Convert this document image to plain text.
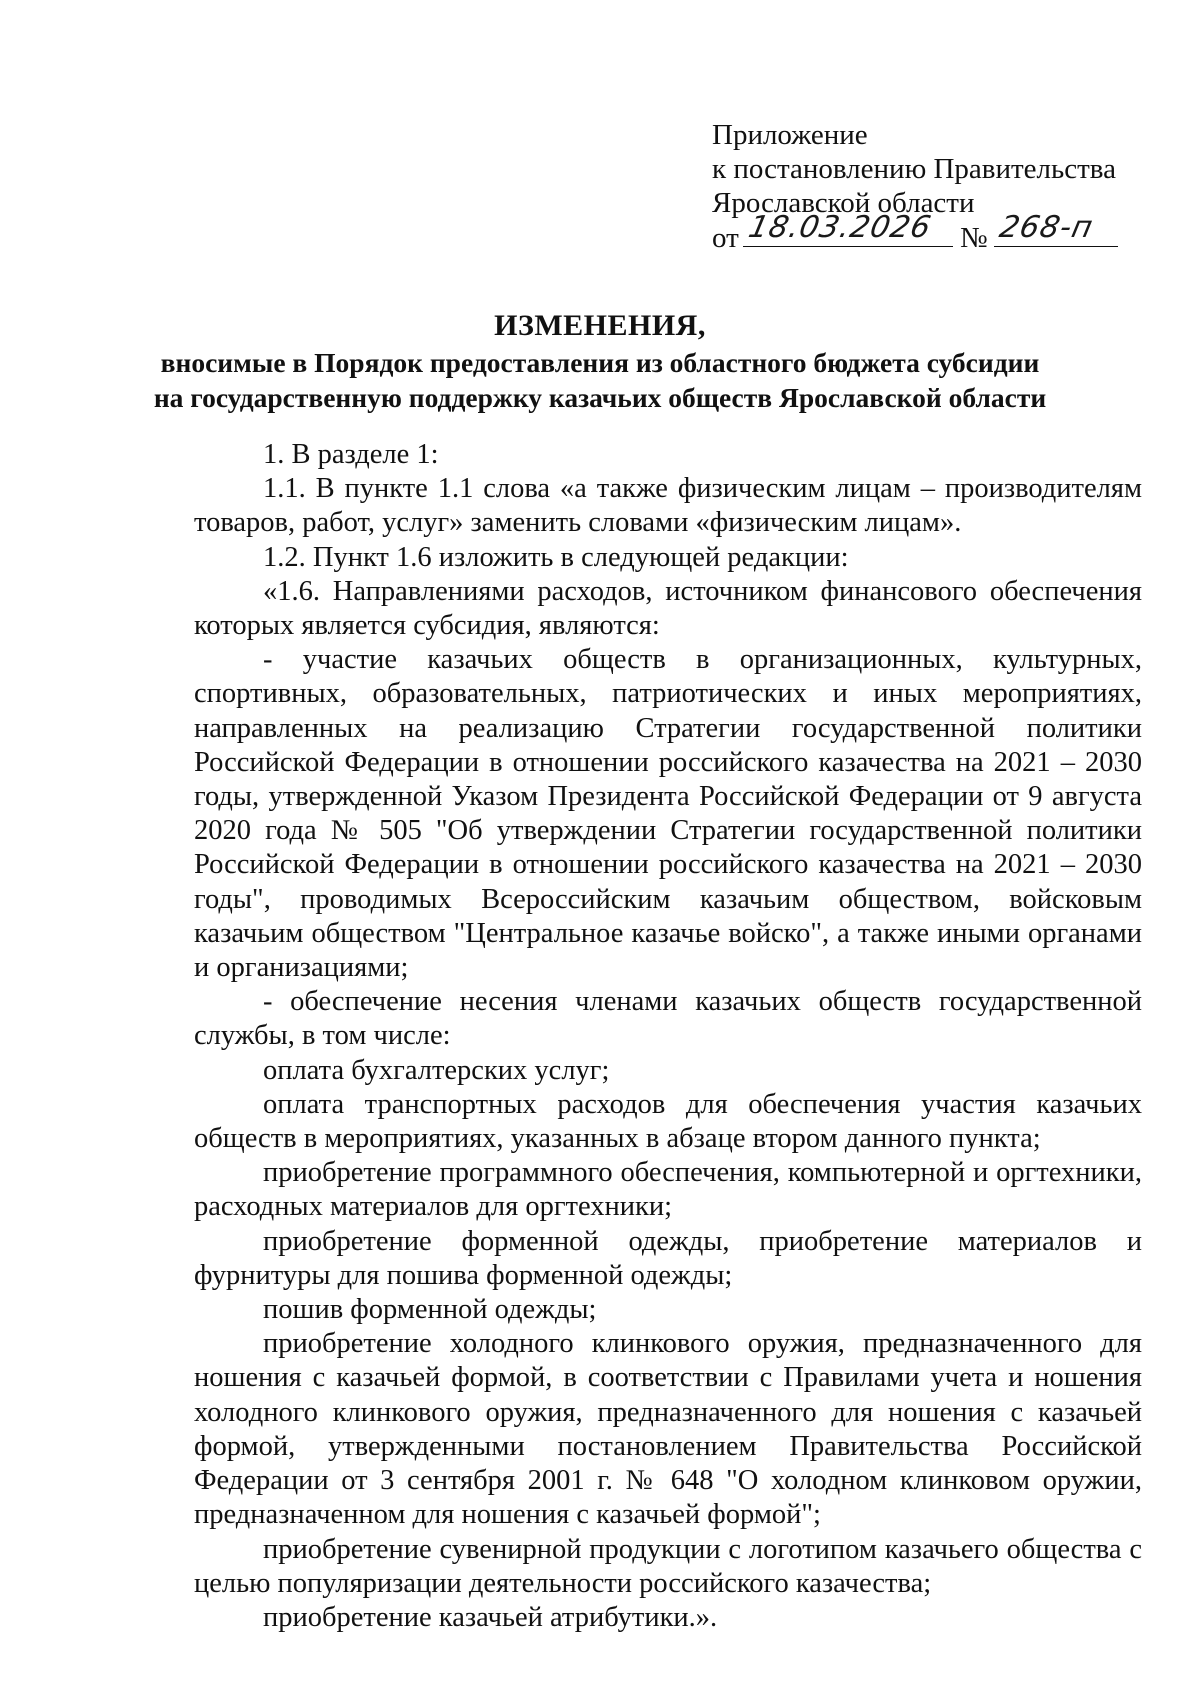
Приложение
к постановлению Правительства
Ярославской области
от 18.03.2026 № 268-п
ИЗМЕНЕНИЯ,
вносимые в Порядок предоставления из областного бюджета субсидии
на государственную поддержку казачьих обществ Ярославской области

1. В разделе 1:

1.1. В пункте 1.1 слова «а также физическим лицам – производителям товаров, работ, услуг» заменить словами «физическим лицам».

1.2. Пункт 1.6 изложить в следующей редакции:

«1.6. Направлениями расходов, источником финансового обеспечения которых является субсидия, являются:

- участие казачьих обществ в организационных, культурных, спортивных, образовательных, патриотических и иных мероприятиях, направленных на реализацию Стратегии государственной политики Российской Федерации в отношении российского казачества на 2021 – 2030 годы, утвержденной Указом Президента Российской Федерации от 9 августа 2020 года № 505 "Об утверждении Стратегии государственной политики Российской Федерации в отношении российского казачества на 2021 – 2030 годы", проводимых Всероссийским казачьим обществом, войсковым казачьим обществом "Центральное казачье войско", а также иными органами и организациями;

- обеспечение несения членами казачьих обществ государственной службы, в том числе:

оплата бухгалтерских услуг;

оплата транспортных расходов для обеспечения участия казачьих обществ в мероприятиях, указанных в абзаце втором данного пункта;

приобретение программного обеспечения, компьютерной и оргтехники, расходных материалов для оргтехники;

приобретение форменной одежды, приобретение материалов и фурнитуры для пошива форменной одежды;

пошив форменной одежды;

приобретение холодного клинкового оружия, предназначенного для ношения с казачьей формой, в соответствии с Правилами учета и ношения холодного клинкового оружия, предназначенного для ношения с казачьей формой, утвержденными постановлением Правительства Российской Федерации от 3 сентября 2001 г. № 648 "О холодном клинковом оружии, предназначенном для ношения с казачьей формой";

приобретение сувенирной продукции с логотипом казачьего общества с целью популяризации деятельности российского казачества;

приобретение казачьей атрибутики.».
